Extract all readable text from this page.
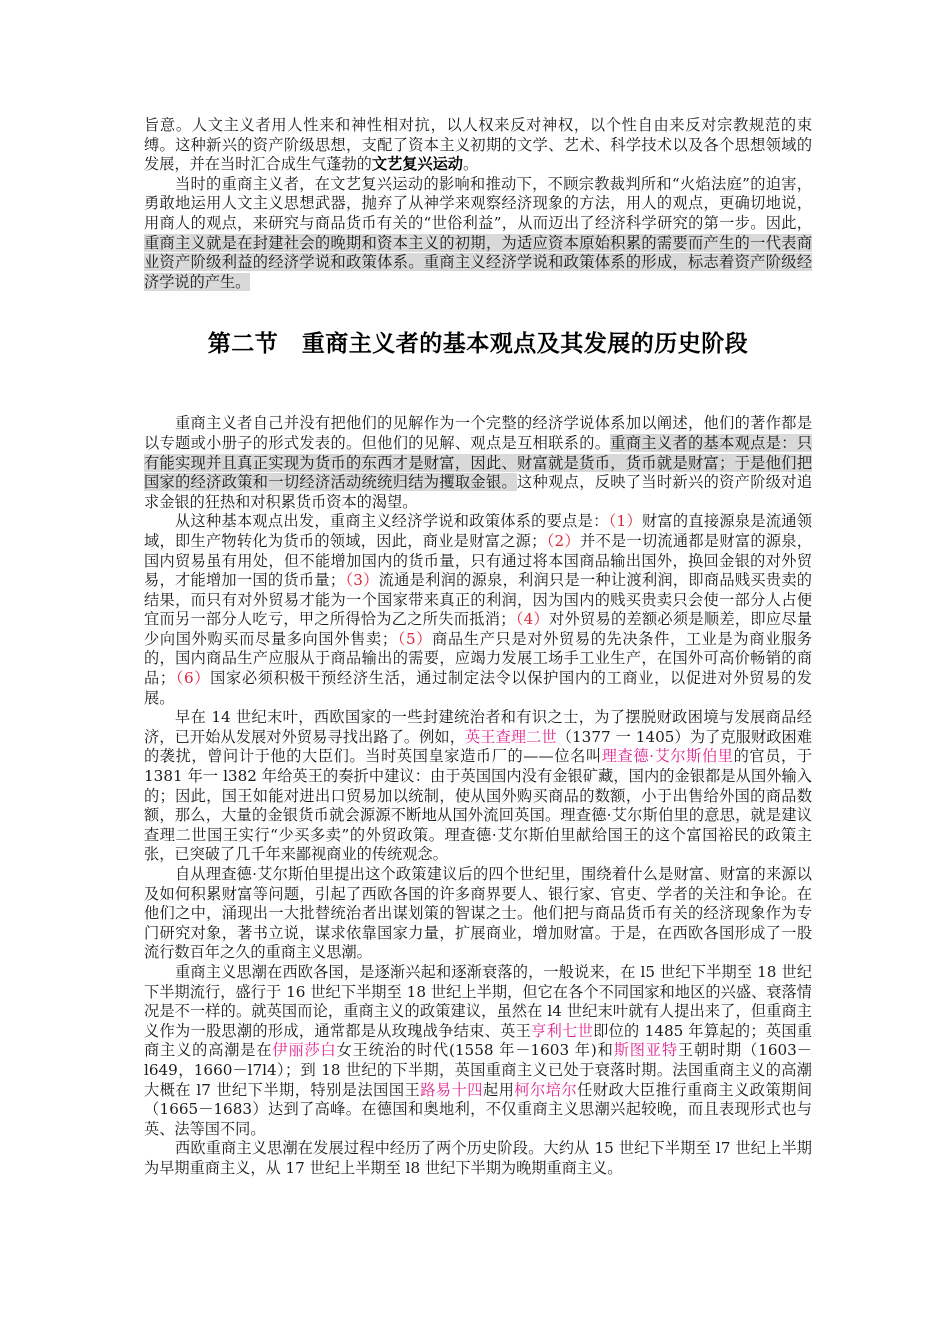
旨意。人文主义者用人性来和神性相对抗，以人权来反对神权，以个性自由来反对宗教规范的束缚。这种新兴的资产阶级思想，支配了资本主义初期的文学、艺术、科学技术以及各个思想领域的发展，并在当时汇合成生气蓬勃的文艺复兴运动。

当时的重商主义者，在文艺复兴运动的影响和推动下，不顾宗教裁判所和“火焰法庭”的迫害，勇敢地运用人文主义思想武器，抛弃了从神学来观察经济现象的方法，用人的观点，更确切地说，用商人的观点，来研究与商品货币有关的“世俗利益”，从而迈出了经济科学研究的第一步。因此，重商主义就是在封建社会的晚期和资本主义的初期，为适应资本原始积累的需要而产生的一代表商业资产阶级利益的经济学说和政策体系。重商主义经济学说和政策体系的形成，标志着资产阶级经济学说的产生。

第二节　重商主义者的基本观点及其发展的历史阶段

重商主义者自己并没有把他们的见解作为一个完整的经济学说体系加以阐述，他们的著作都是以专题或小册子的形式发表的。但他们的见解、观点是互相联系的。重商主义者的基本观点是：只有能实现并且真正实现为货币的东西才是财富，因此、财富就是货币，货币就是财富；于是他们把国家的经济政策和一切经济活动统统归结为攫取金银。这种观点，反映了当时新兴的资产阶级对追求金银的狂热和对积累货币资本的渴望。

从这种基本观点出发，重商主义经济学说和政策体系的要点是：（1）财富的直接源泉是流通领域，即生产物转化为货币的领域，因此，商业是财富之源；（2）并不是一切流通都是财富的源泉，国内贸易虽有用处，但不能增加国内的货币量，只有通过将本国商品输出国外，换回金银的对外贸易，才能增加一国的货币量；（3）流通是利润的源泉，利润只是一种让渡利润，即商品贱买贵卖的结果，而只有对外贸易才能为一个国家带来真正的利润，因为国内的贱买贵卖只会使一部分人占便宜而另一部分人吃亏，甲之所得恰为乙之所失而抵消；（4）对外贸易的差额必须是顺差，即应尽量少向国外购买而尽量多向国外售卖；（5）商品生产只是对外贸易的先决条件，工业是为商业服务的，国内商品生产应服从于商品输出的需要，应竭力发展工场手工业生产，在国外可高价畅销的商品；（6）国家必须积极干预经济生活，通过制定法令以保护国内的工商业，以促进对外贸易的发展。

早在 14 世纪末叶，西欧国家的一些封建统治者和有识之士，为了摆脱财政困境与发展商品经济，已开始从发展对外贸易寻找出路了。例如，英王查理二世（1377 一 1405）为了克服财政困难的袭扰，曾问计于他的大臣们。当时英国皇家造币厂的——位名叫理查德·艾尔斯伯里的官员，于 1381 年一 l382 年给英王的奏折中建议：由于英国国内没有金银矿藏，国内的金银都是从国外输入的；因此，国王如能对进出口贸易加以统制，使从国外购买商品的数额，小于出售给外国的商品数额，那么，大量的金银货币就会源源不断地从国外流回英国。理查德·艾尔斯伯里的意思，就是建议查理二世国王实行“少买多卖”的外贸政策。理查德·艾尔斯伯里献给国王的这个富国裕民的政策主张，已突破了几千年来鄙视商业的传统观念。

自从理查德·艾尔斯伯里提出这个政策建议后的四个世纪里，围绕着什么是财富、财富的来源以及如何积累财富等问题，引起了西欧各国的许多商界要人、银行家、官吏、学者的关注和争论。在他们之中，涌现出一大批替统治者出谋划策的智谋之士。他们把与商品货币有关的经济现象作为专门研究对象，著书立说，谋求依靠国家力量，扩展商业，增加财富。于是，在西欧各国形成了一股流行数百年之久的重商主义思潮。

重商主义思潮在西欧各国，是逐渐兴起和逐渐衰落的，一般说来，在 l5 世纪下半期至 18 世纪下半期流行，盛行于 16 世纪下半期至 18 世纪上半期，但它在各个不同国家和地区的兴盛、衰落情况是不一样的。就英国而论，重商主义的政策建议，虽然在 l4 世纪末叶就有人提出来了，但重商主义作为一股思潮的形成，通常都是从玫瑰战争结束、英王亨利七世即位的 1485 年算起的；英国重商主义的高潮是在伊丽莎白女王统治的时代(1558 年－1603 年)和斯图亚特王朝时期（1603－l649，1660－l7l4）；到 18 世纪的下半期，英国重商主义已处于衰落时期。法国重商主义的高潮大概在 l7 世纪下半期，特别是法国国王路易十四起用柯尔培尔任财政大臣推行重商主义政策期间（1665－1683）达到了高峰。在德国和奥地利，不仅重商主义思潮兴起较晚，而且表现形式也与英、法等国不同。

西欧重商主义思潮在发展过程中经历了两个历史阶段。大约从 15 世纪下半期至 l7 世纪上半期为早期重商主义，从 17 世纪上半期至 l8 世纪下半期为晚期重商主义。
